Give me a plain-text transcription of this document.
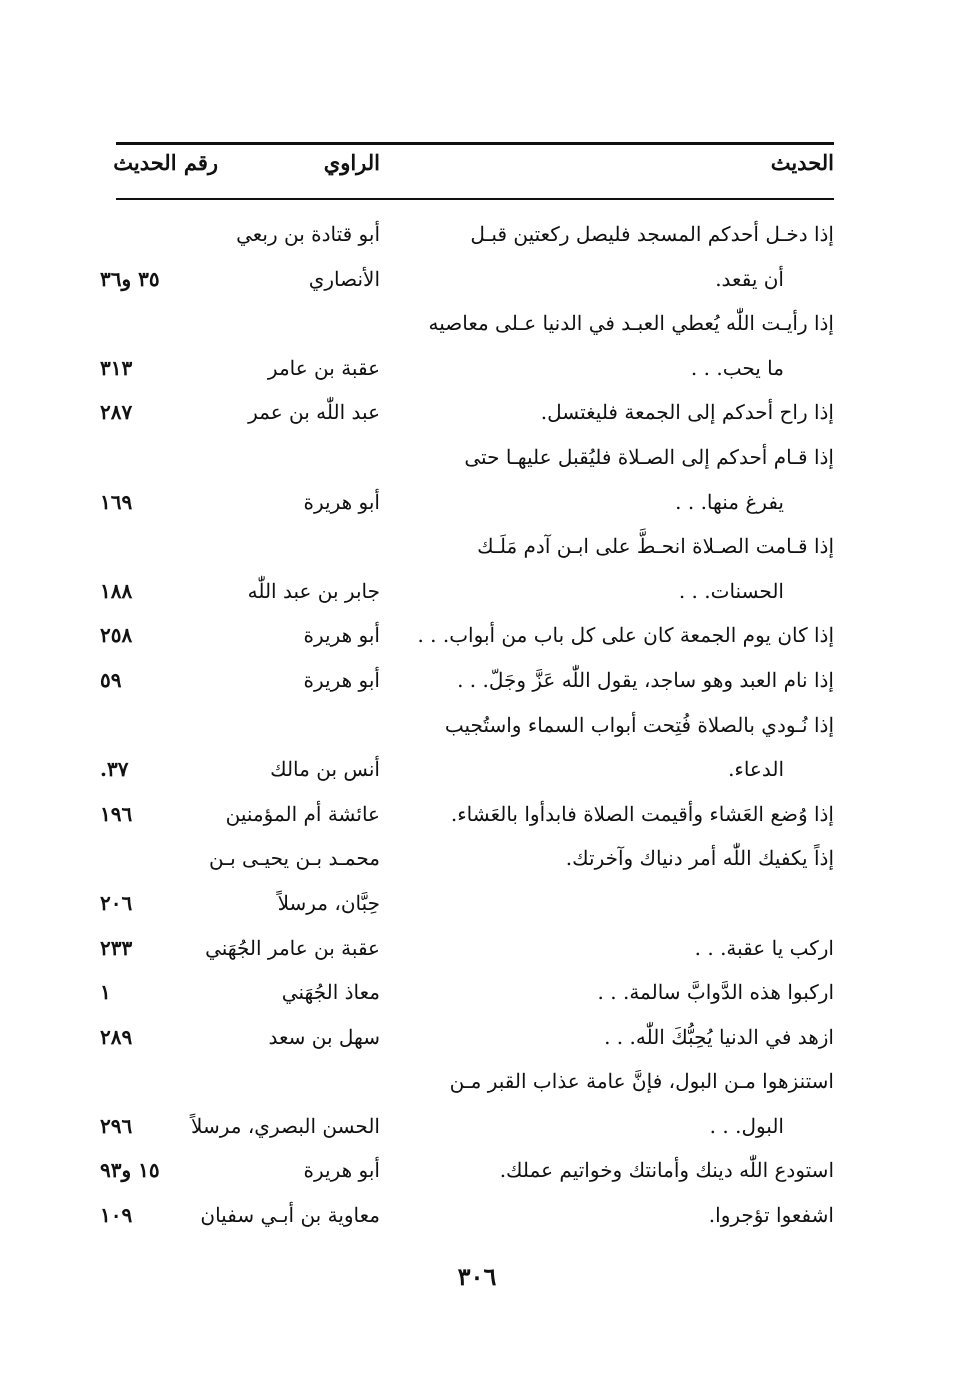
الحديث
الراوي
رقم الحديث
إذا دخـل أحدكم المسجد فليصل ركعتين قبـل
أبو قتادة بن ربعي
أن يقعد.
الأنصاري
٣٥ و٣٦
إذا رأيـت اللّٰه يُعطي العبـد في الدنيا عـلى معاصيه
ما يحب. . .
عقبة بن عامر
٣١٣
إذا راح أحدكم إلى الجمعة فليغتسل.
عبد اللّٰه بن عمر
٢٨٧
إذا قـام أحدكم إلى الصـلاة فليُقبل عليهـا حتى
يفرغ منها. . .
أبو هريرة
١٦٩
إذا قـامت الصـلاة انحـطَّ على ابـن آدم مَلَـك
الحسنات. . .
جابر بن عبد اللّٰه
١٨٨
إذا كان يوم الجمعة كان على كل باب من أبواب. . .
أبو هريرة
٢٥٨
إذا نام العبد وهو ساجد، يقول اللّٰه عَزَّ وجَلّ. . .
أبو هريرة
٥٩
إذا نُـودي بالصلاة فُتِحت أبواب السماء واستُجيب
الدعاء.
أنس بن مالك
٣٧.
إذا وُضع العَشاء وأقيمت الصلاة فابدأوا بالعَشاء.
عائشة أم المؤمنين
١٩٦
إذاً يكفيك اللّٰه أمر دنياك وآخرتك.
محمـد بـن يحيـى بـن
حِبَّان، مرسلاً
٢٠٦
اركب يا عقبة. . .
عقبة بن عامر الجُهَني
٢٣٣
اركبوا هذه الدَّوابَّ سالمة. . .
معاذ الجُهَني
١
ازهد في الدنيا يُحِبُّكَ اللّٰه. . .
سهل بن سعد
٢٨٩
استنزهوا مـن البول، فإنَّ عامة عذاب القبر مـن
البول. . .
الحسن البصري، مرسلاً
٢٩٦
استودع اللّٰه دينك وأمانتك وخواتيم عملك.
أبو هريرة
١٥ و٩٣
اشفعوا تؤجروا.
معاوية بن أبـي سفيان
١٠٩
٣٠٦
